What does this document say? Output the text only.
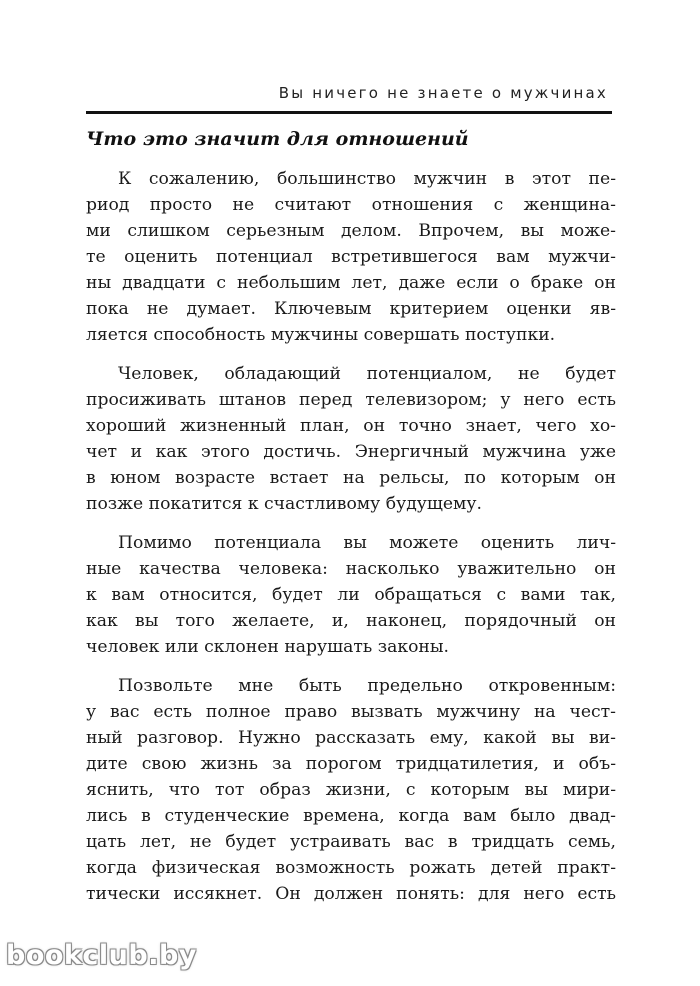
Вы ничего не знаете о мужчинах
Что это значит для отношений
К сожалению, большинство мужчин в этот пе-
риод просто не считают отношения с женщина-
ми слишком серьезным делом. Впрочем, вы може-
те оценить потенциал встретившегося вам мужчи-
ны двадцати с небольшим лет, даже если о браке он
пока не думает. Ключевым критерием оценки яв-
ляется способность мужчины совершать поступки.
Человек, обладающий потенциалом, не будет
просиживать штанов перед телевизором; у него есть
хороший жизненный план, он точно знает, чего хо-
чет и как этого достичь. Энергичный мужчина уже
в юном возрасте встает на рельсы, по которым он
позже покатится к счастливому будущему.
Помимо потенциала вы можете оценить лич-
ные качества человека: насколько уважительно он
к вам относится, будет ли обращаться с вами так,
как вы того желаете, и, наконец, порядочный он
человек или склонен нарушать законы.
Позвольте мне быть предельно откровенным:
у вас есть полное право вызвать мужчину на чест-
ный разговор. Нужно рассказать ему, какой вы ви-
дите свою жизнь за порогом тридцатилетия, и объ-
яснить, что тот образ жизни, с которым вы мири-
лись в студенческие времена, когда вам было двад-
цать лет, не будет устраивать вас в тридцать семь,
когда физическая возможность рожать детей практ-
тически иссякнет. Он должен понять: для него есть
bookclub.by
